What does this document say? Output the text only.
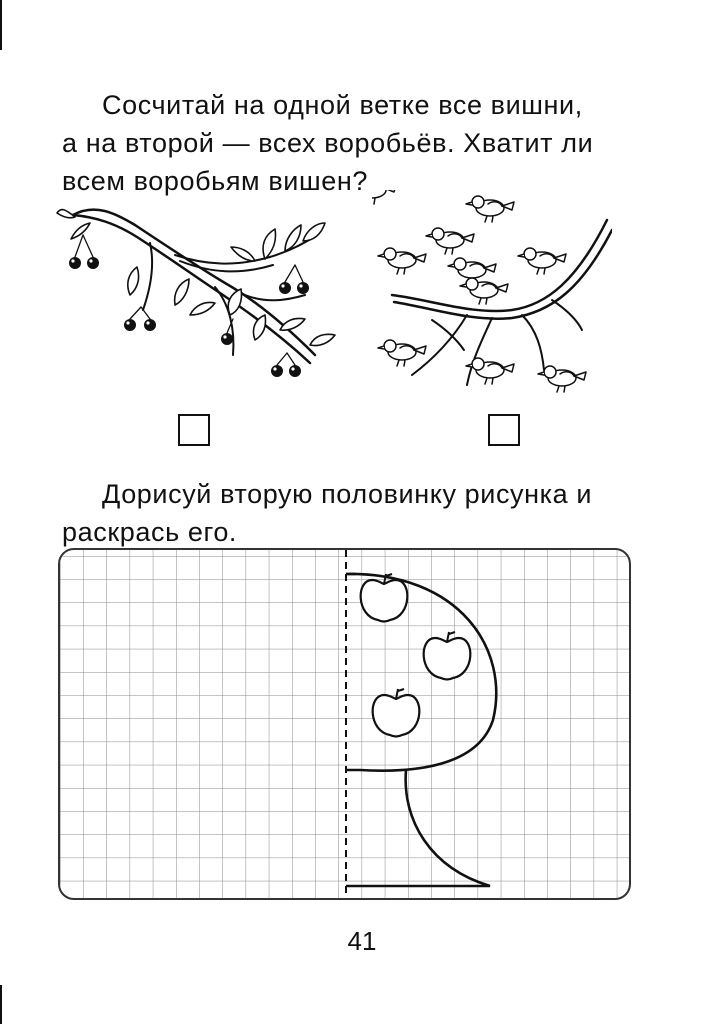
Сосчитай на одной ветке все вишни,
а на второй — всех воробьёв. Хватит ли
всем воробьям вишен?
Дорисуй вторую половинку рисунка и
раскрась его.
41
